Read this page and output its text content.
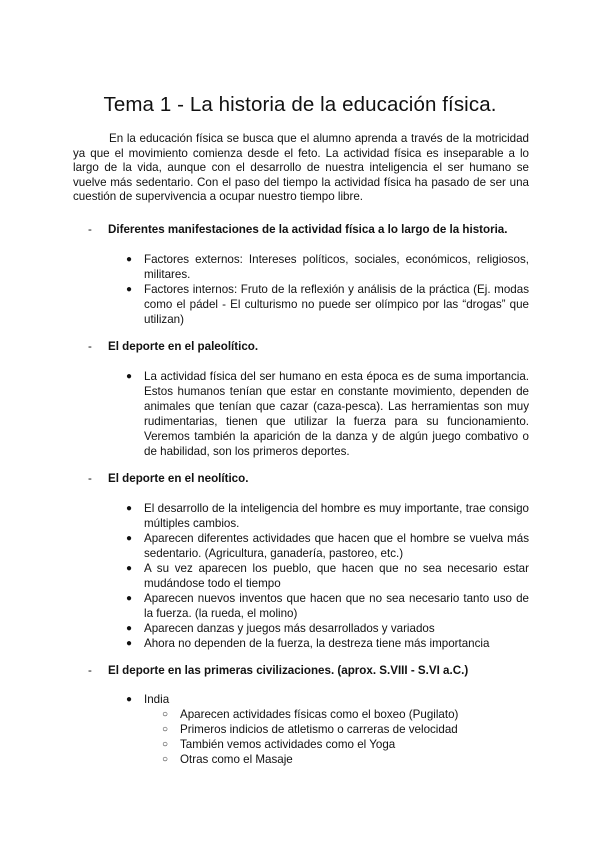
Tema 1 - La historia de la educación física.

En la educación física se busca que el alumno aprenda a través de la motricidad ya que el movimiento comienza desde el feto. La actividad física es inseparable a lo largo de la vida, aunque con el desarrollo de nuestra inteligencia el ser humano se vuelve más sedentario. Con el paso del tiempo la actividad física ha pasado de ser una cuestión de supervivencia a ocupar nuestro tiempo libre.

- Diferentes manifestaciones de la actividad física a lo largo de la historia.

● Factores externos: Intereses políticos, sociales, económicos, religiosos, militares.
● Factores internos: Fruto de la reflexión y análisis de la práctica (Ej. modas como el pádel - El culturismo no puede ser olímpico por las “drogas” que utilizan)

- El deporte en el paleolítico.

● La actividad física del ser humano en esta época es de suma importancia. Estos humanos tenían que estar en constante movimiento, dependen de animales que tenían que cazar (caza-pesca). Las herramientas son muy rudimentarias, tienen que utilizar la fuerza para su funcionamiento. Veremos también la aparición de la danza y de algún juego combativo o de habilidad, son los primeros deportes.

- El deporte en el neolítico.

● El desarrollo de la inteligencia del hombre es muy importante, trae consigo múltiples cambios.
● Aparecen diferentes actividades que hacen que el hombre se vuelva más sedentario. (Agricultura, ganadería, pastoreo, etc.)
● A su vez aparecen los pueblo, que hacen que no sea necesario estar mudándose todo el tiempo
● Aparecen nuevos inventos que hacen que no sea necesario tanto uso de la fuerza. (la rueda, el molino)
● Aparecen danzas y juegos más desarrollados y variados
● Ahora no dependen de la fuerza, la destreza tiene más importancia

- El deporte en las primeras civilizaciones. (aprox. S.VIII - S.VI a.C.)

● India
○ Aparecen actividades físicas como el boxeo (Pugilato)
○ Primeros indicios de atletismo o carreras de velocidad
○ También vemos actividades como el Yoga
○ Otras como el Masaje
